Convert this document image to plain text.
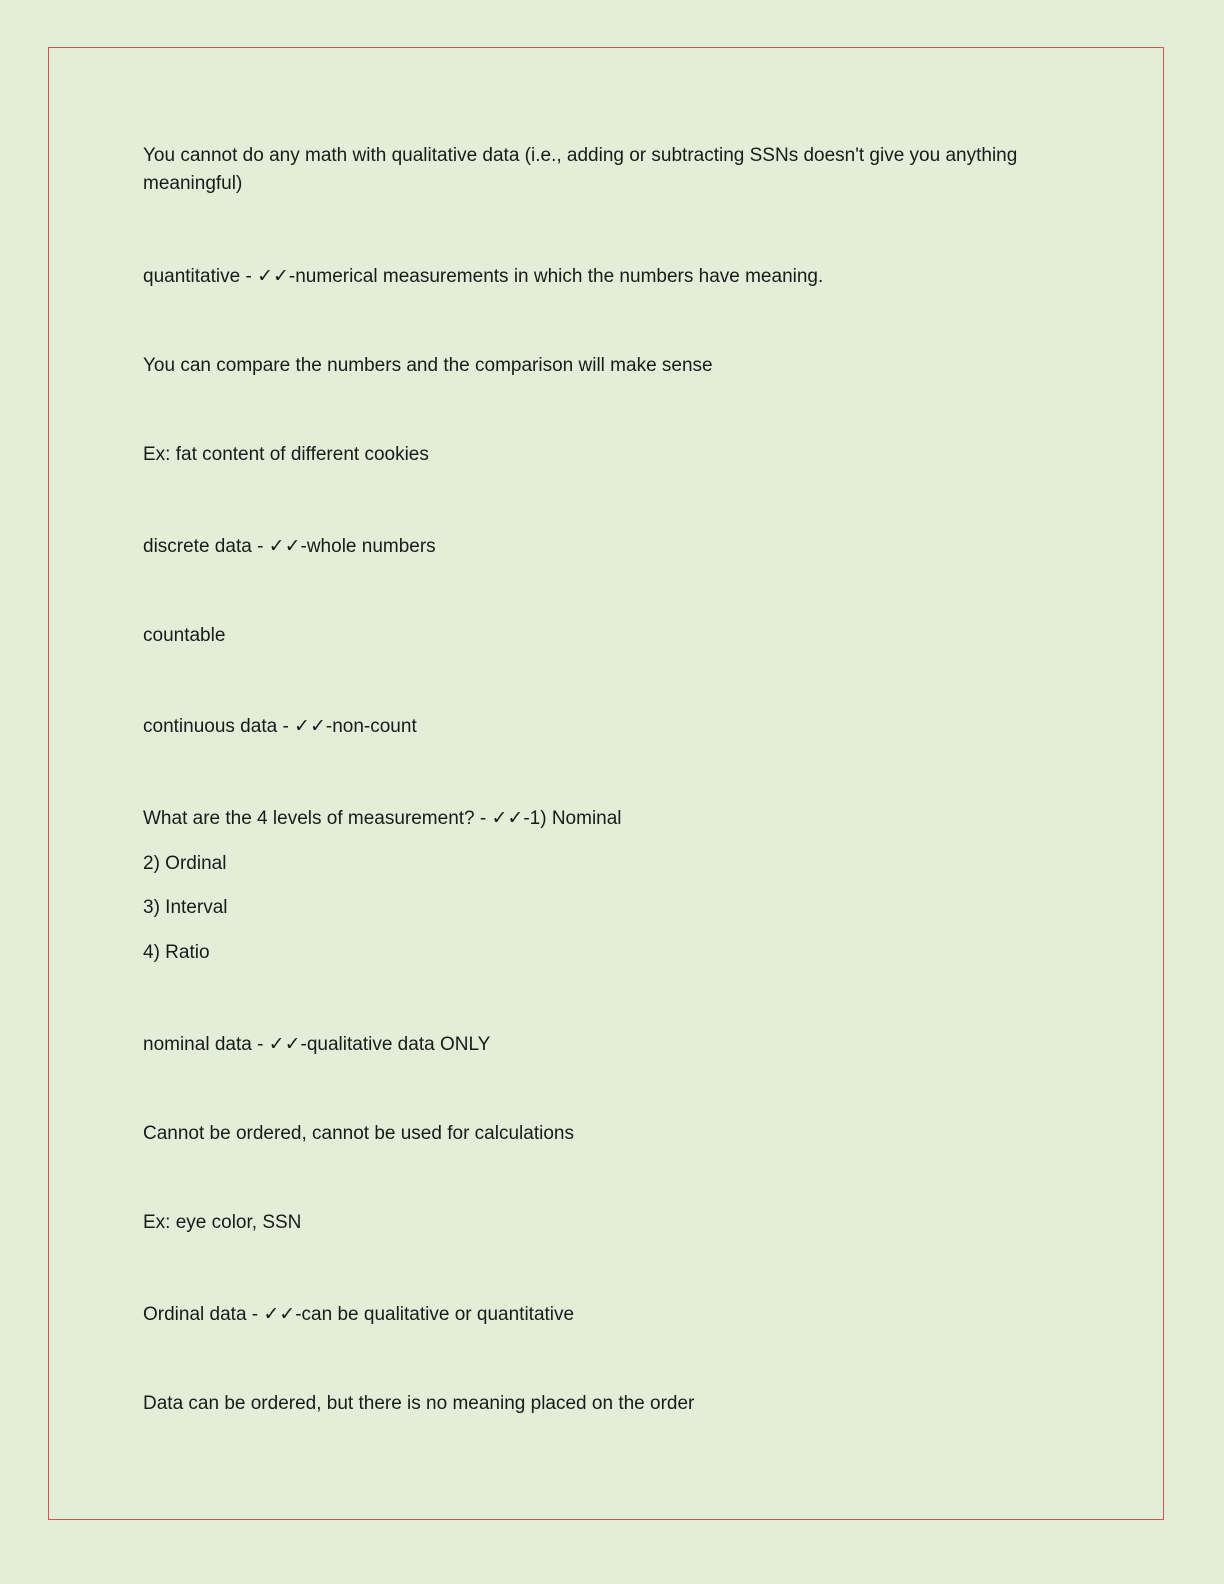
You cannot do any math with qualitative data (i.e., adding or subtracting SSNs doesn't give you anything meaningful)

quantitative - ✓✓-numerical measurements in which the numbers have meaning.

You can compare the numbers and the comparison will make sense

Ex: fat content of different cookies

discrete data - ✓✓-whole numbers

countable

continuous data - ✓✓-non-count

What are the 4 levels of measurement? - ✓✓-1) Nominal

2) Ordinal

3) Interval

4) Ratio

nominal data - ✓✓-qualitative data ONLY

Cannot be ordered, cannot be used for calculations

Ex: eye color, SSN

Ordinal data - ✓✓-can be qualitative or quantitative

Data can be ordered, but there is no meaning placed on the order
